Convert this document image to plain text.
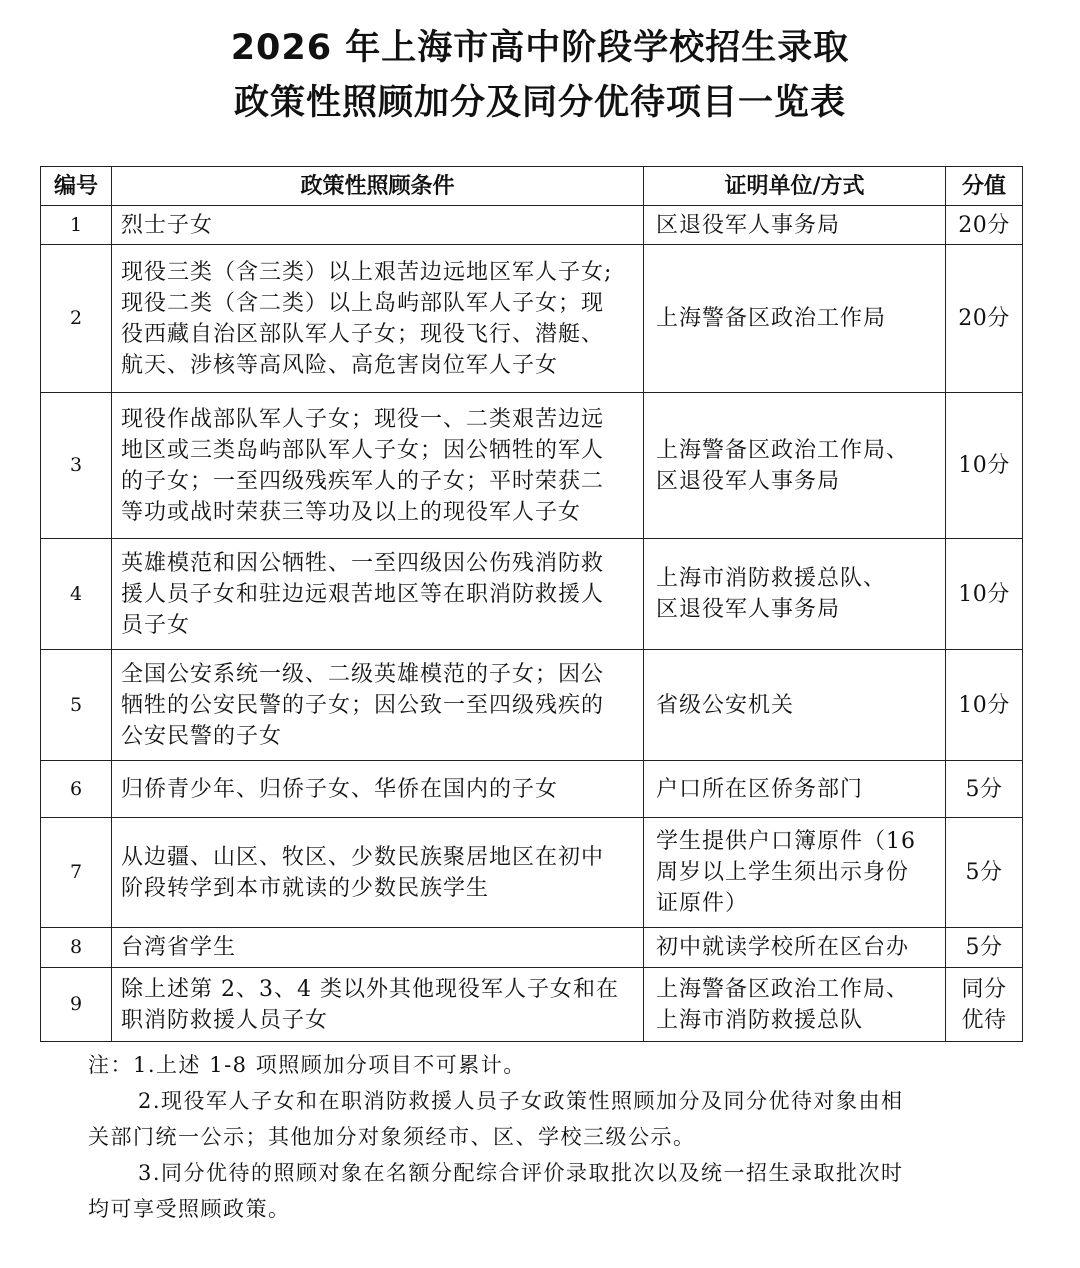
2026 年上海市高中阶段学校招生录取
政策性照顾加分及同分优待项目一览表
编号	政策性照顾条件	证明单位/方式	分值
1	烈士子女	区退役军人事务局	20分

2	现役三类（含三类）以上艰苦边远地区军人子女;
现役二类（含二类）以上岛屿部队军人子女；现
役西藏自治区部队军人子女；现役飞行、潜艇、
航天、涉核等高风险、高危害岗位军人子女	上海警备区政治工作局	20分

3	现役作战部队军人子女；现役一、二类艰苦边远
地区或三类岛屿部队军人子女；因公牺牲的军人
的子女；一至四级残疾军人的子女；平时荣获二
等功或战时荣获三等功及以上的现役军人子女	上海警备区政治工作局、
区退役军人事务局	10分

4	英雄模范和因公牺牲、一至四级因公伤残消防救
援人员子女和驻边远艰苦地区等在职消防救援人
员子女	上海市消防救援总队、
区退役军人事务局	10分

5	全国公安系统一级、二级英雄模范的子女；因公
牺牲的公安民警的子女；因公致一至四级残疾的
公安民警的子女	省级公安机关	10分

6	归侨青少年、归侨子女、华侨在国内的子女	户口所在区侨务部门	5分

7	从边疆、山区、牧区、少数民族聚居地区在初中
阶段转学到本市就读的少数民族学生	学生提供户口簿原件（16
周岁以上学生须出示身份
证原件）	5分

8	台湾省学生	初中就读学校所在区台办	5分

9	除上述第 2、3、4 类以外其他现役军人子女和在
职消防救援人员子女	上海警备区政治工作局、
上海市消防救援总队	同分
优待
注：1.上述 1-8 项照顾加分项目不可累计。
2.现役军人子女和在职消防救援人员子女政策性照顾加分及同分优待对象由相
关部门统一公示；其他加分对象须经市、区、学校三级公示。
3.同分优待的照顾对象在名额分配综合评价录取批次以及统一招生录取批次时
均可享受照顾政策。
